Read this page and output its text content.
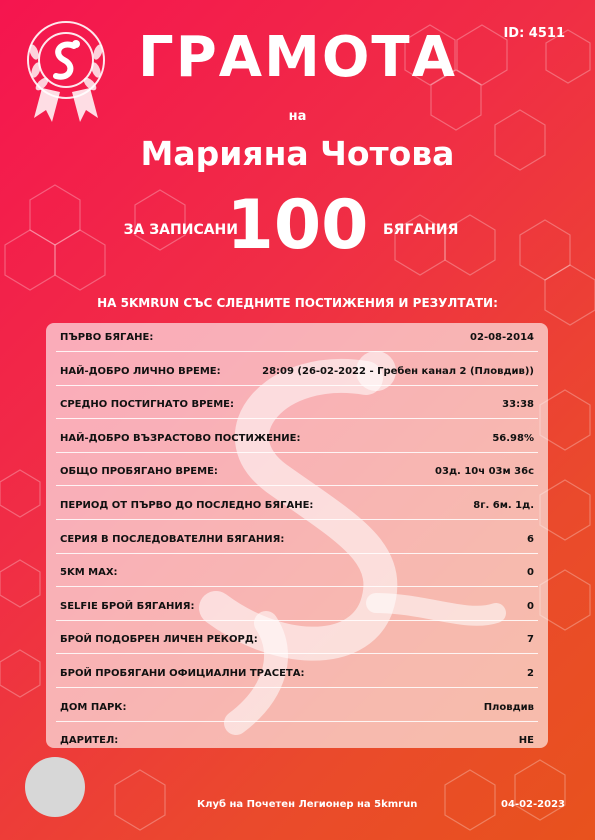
ID: 4511
ГРАМОТА
на
Марияна Чотова
ЗА ЗАПИСАНИ
100	БЯГАНИЯ
НА 5KMRUN СЪС СЛЕДНИТЕ ПОСТИЖЕНИЯ И РЕЗУЛТАТИ:
ПЪРВО БЯГАНЕ:	02-08-2014
НАЙ-ДОБРО ЛИЧНО ВРЕМЕ:	28:09 (26-02-2022 - Гребен канал 2 (Пловдив))
СРЕДНО ПОСТИГНАТО ВРЕМЕ:	33:38
НАЙ-ДОБРО ВЪЗРАСТОВО ПОСТИЖЕНИЕ:	56.98%
ОБЩО ПРОБЯГАНО ВРЕМЕ:	03д. 10ч 03м 36с
ПЕРИОД ОТ ПЪРВО ДО ПОСЛЕДНО БЯГАНЕ:	8г. 6м. 1д.
СЕРИЯ В ПОСЛЕДОВАТЕЛНИ БЯГАНИЯ:	6
5KM MAX:	0
SELFIE БРОЙ БЯГАНИЯ:	0
БРОЙ ПОДОБРЕН ЛИЧЕН РЕКОРД:	7
БРОЙ ПРОБЯГАНИ ОФИЦИАЛНИ ТРАСЕТА:	2
ДОМ ПАРК:	Пловдив
ДАРИТЕЛ:	НЕ
Клуб на Почетен Легионер на 5kmrun	04-02-2023
